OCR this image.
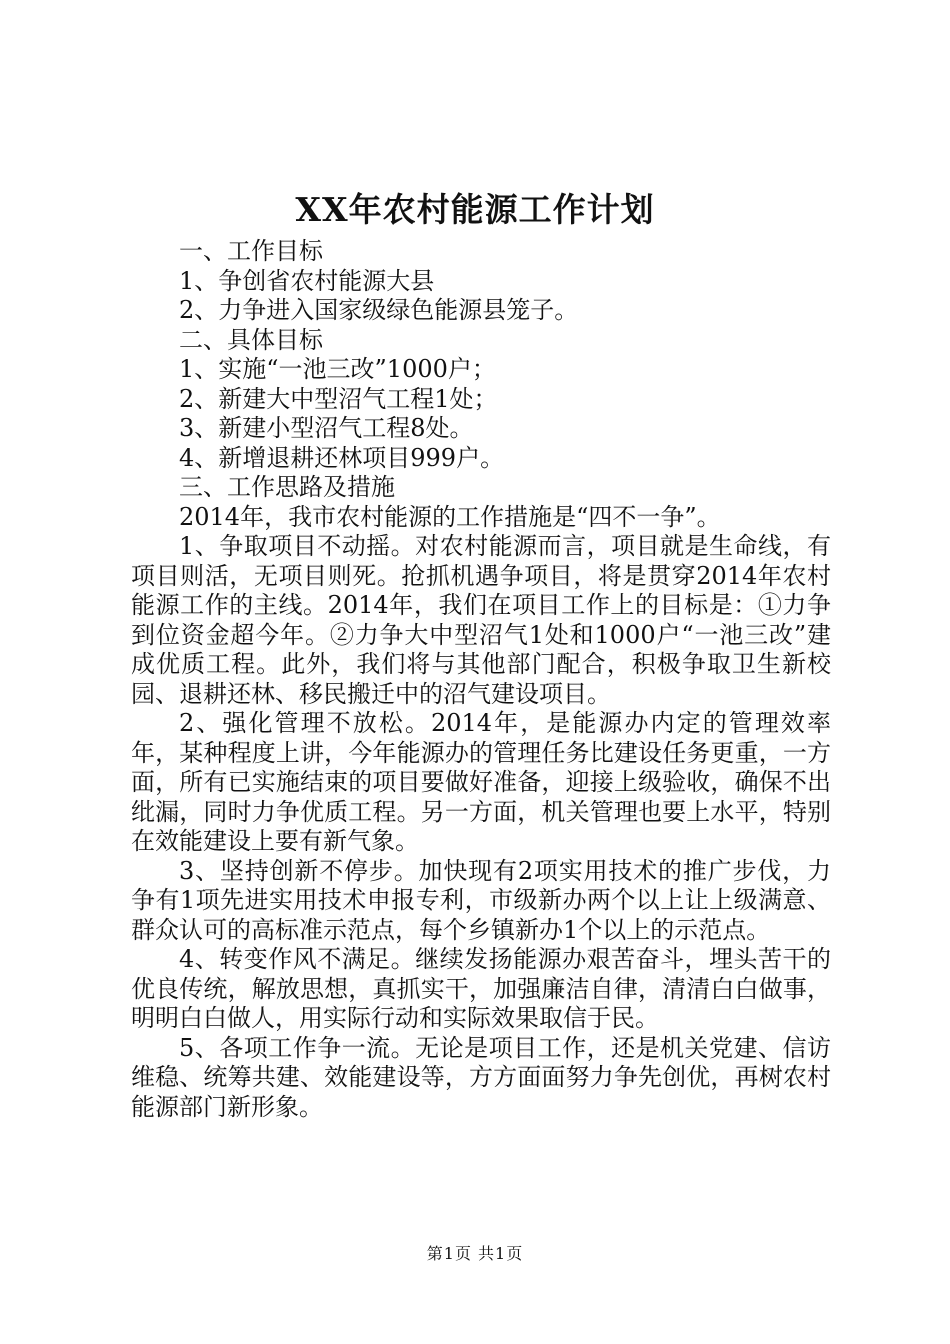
XX年农村能源工作计划

一、工作目标

1、争创省农村能源大县

2、力争进入国家级绿色能源县笼子。

二、具体目标

1、实施“一池三改”1000户；

2、新建大中型沼气工程1处；

3、新建小型沼气工程8处。

4、新增退耕还林项目999户。

三、工作思路及措施

2014年，我市农村能源的工作措施是“四不一争”。

1、争取项目不动摇。对农村能源而言，项目就是生命线，有项目则活，无项目则死。抢抓机遇争项目，将是贯穿2014年农村能源工作的主线。2014年，我们在项目工作上的目标是：①力争到位资金超今年。②力争大中型沼气1处和1000户“一池三改”建成优质工程。此外，我们将与其他部门配合，积极争取卫生新校园、退耕还林、移民搬迁中的沼气建设项目。

2、强化管理不放松。2014年，是能源办内定的管理效率年，某种程度上讲，今年能源办的管理任务比建设任务更重，一方面，所有已实施结束的项目要做好准备，迎接上级验收，确保不出纰漏，同时力争优质工程。另一方面，机关管理也要上水平，特别在效能建设上要有新气象。

3、坚持创新不停步。加快现有2项实用技术的推广步伐，力争有1项先进实用技术申报专利，市级新办两个以上让上级满意、群众认可的高标准示范点，每个乡镇新办1个以上的示范点。

4、转变作风不满足。继续发扬能源办艰苦奋斗，埋头苦干的优良传统，解放思想，真抓实干，加强廉洁自律，清清白白做事，明明白白做人，用实际行动和实际效果取信于民。

5、各项工作争一流。无论是项目工作，还是机关党建、信访维稳、统筹共建、效能建设等，方方面面努力争先创优，再树农村能源部门新形象。

第1页 共1页
